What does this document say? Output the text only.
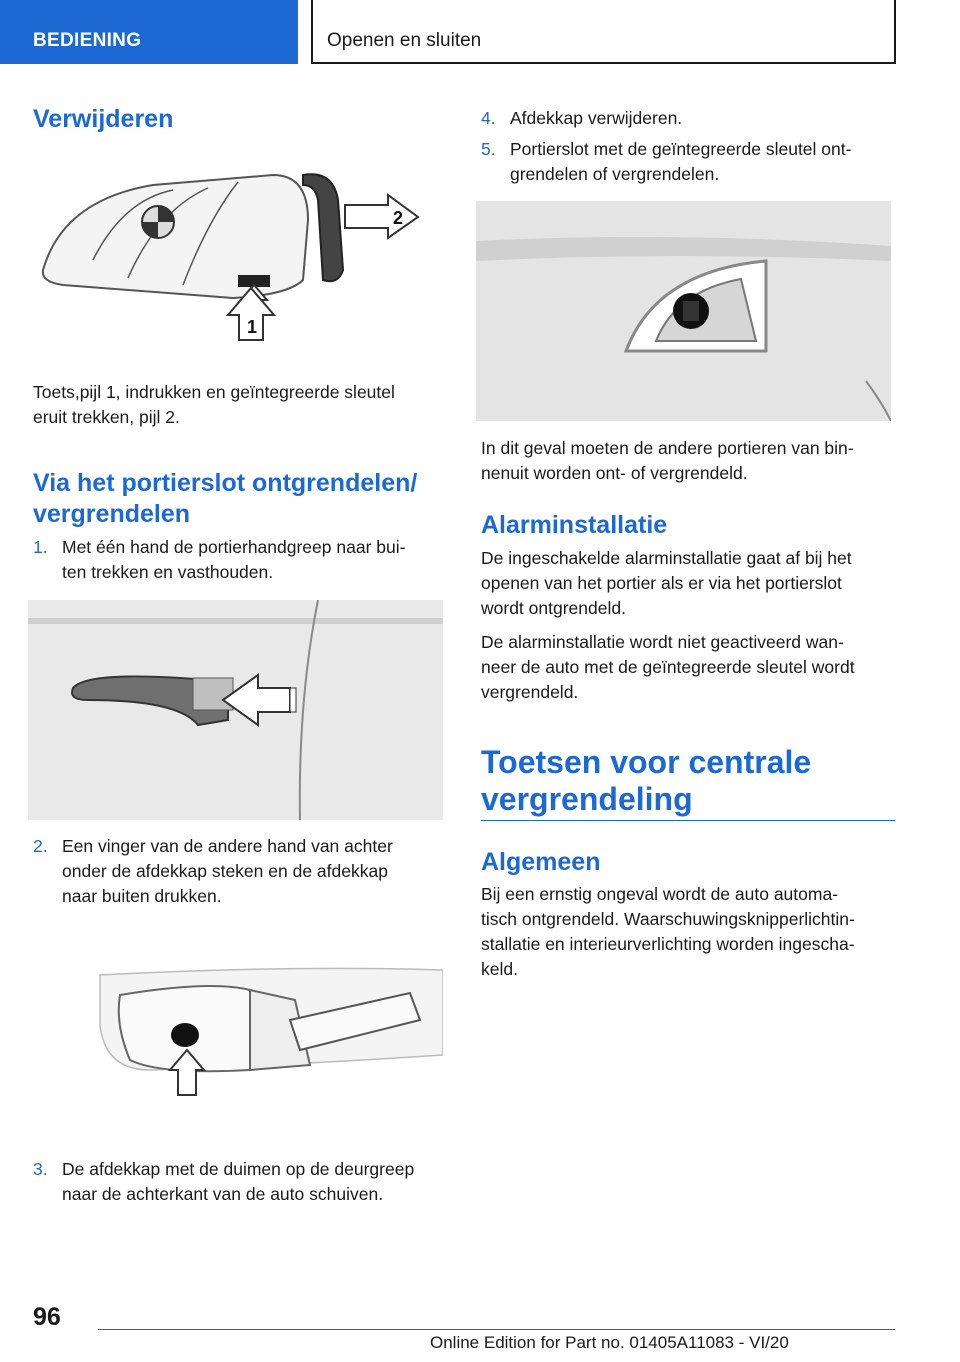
BEDIENING	Openen en sluiten
Verwijderen
2
1
Toets,pijl 1, indrukken en geïntegreerde sleutel
eruit trekken, pijl 2.
Via het portierslot ontgrendelen/
vergrendelen
1. Met één hand de portierhandgreep naar bui-
ten trekken en vasthouden.
2. Een vinger van de andere hand van achter
onder de afdekkap steken en de afdekkap
naar buiten drukken.
3. De afdekkap met de duimen op de deurgreep
naar de achterkant van de auto schuiven.
4. Afdekkap verwijderen.
5. Portierslot met de geïntegreerde sleutel ont-
grendelen of vergrendelen.
In dit geval moeten de andere portieren van bin-
nenuit worden ont- of vergrendeld.
Alarminstallatie
De ingeschakelde alarminstallatie gaat af bij het
openen van het portier als er via het portierslot
wordt ontgrendeld.
De alarminstallatie wordt niet geactiveerd wan-
neer de auto met de geïntegreerde sleutel wordt
vergrendeld.
Toetsen voor centrale
vergrendeling
Algemeen
Bij een ernstig ongeval wordt de auto automa-
tisch ontgrendeld. Waarschuwingsknipperlichtin-
stallatie en interieurverlichting worden ingescha-
keld.
96
Online Edition for Part no. 01405A11083 - VI/20
